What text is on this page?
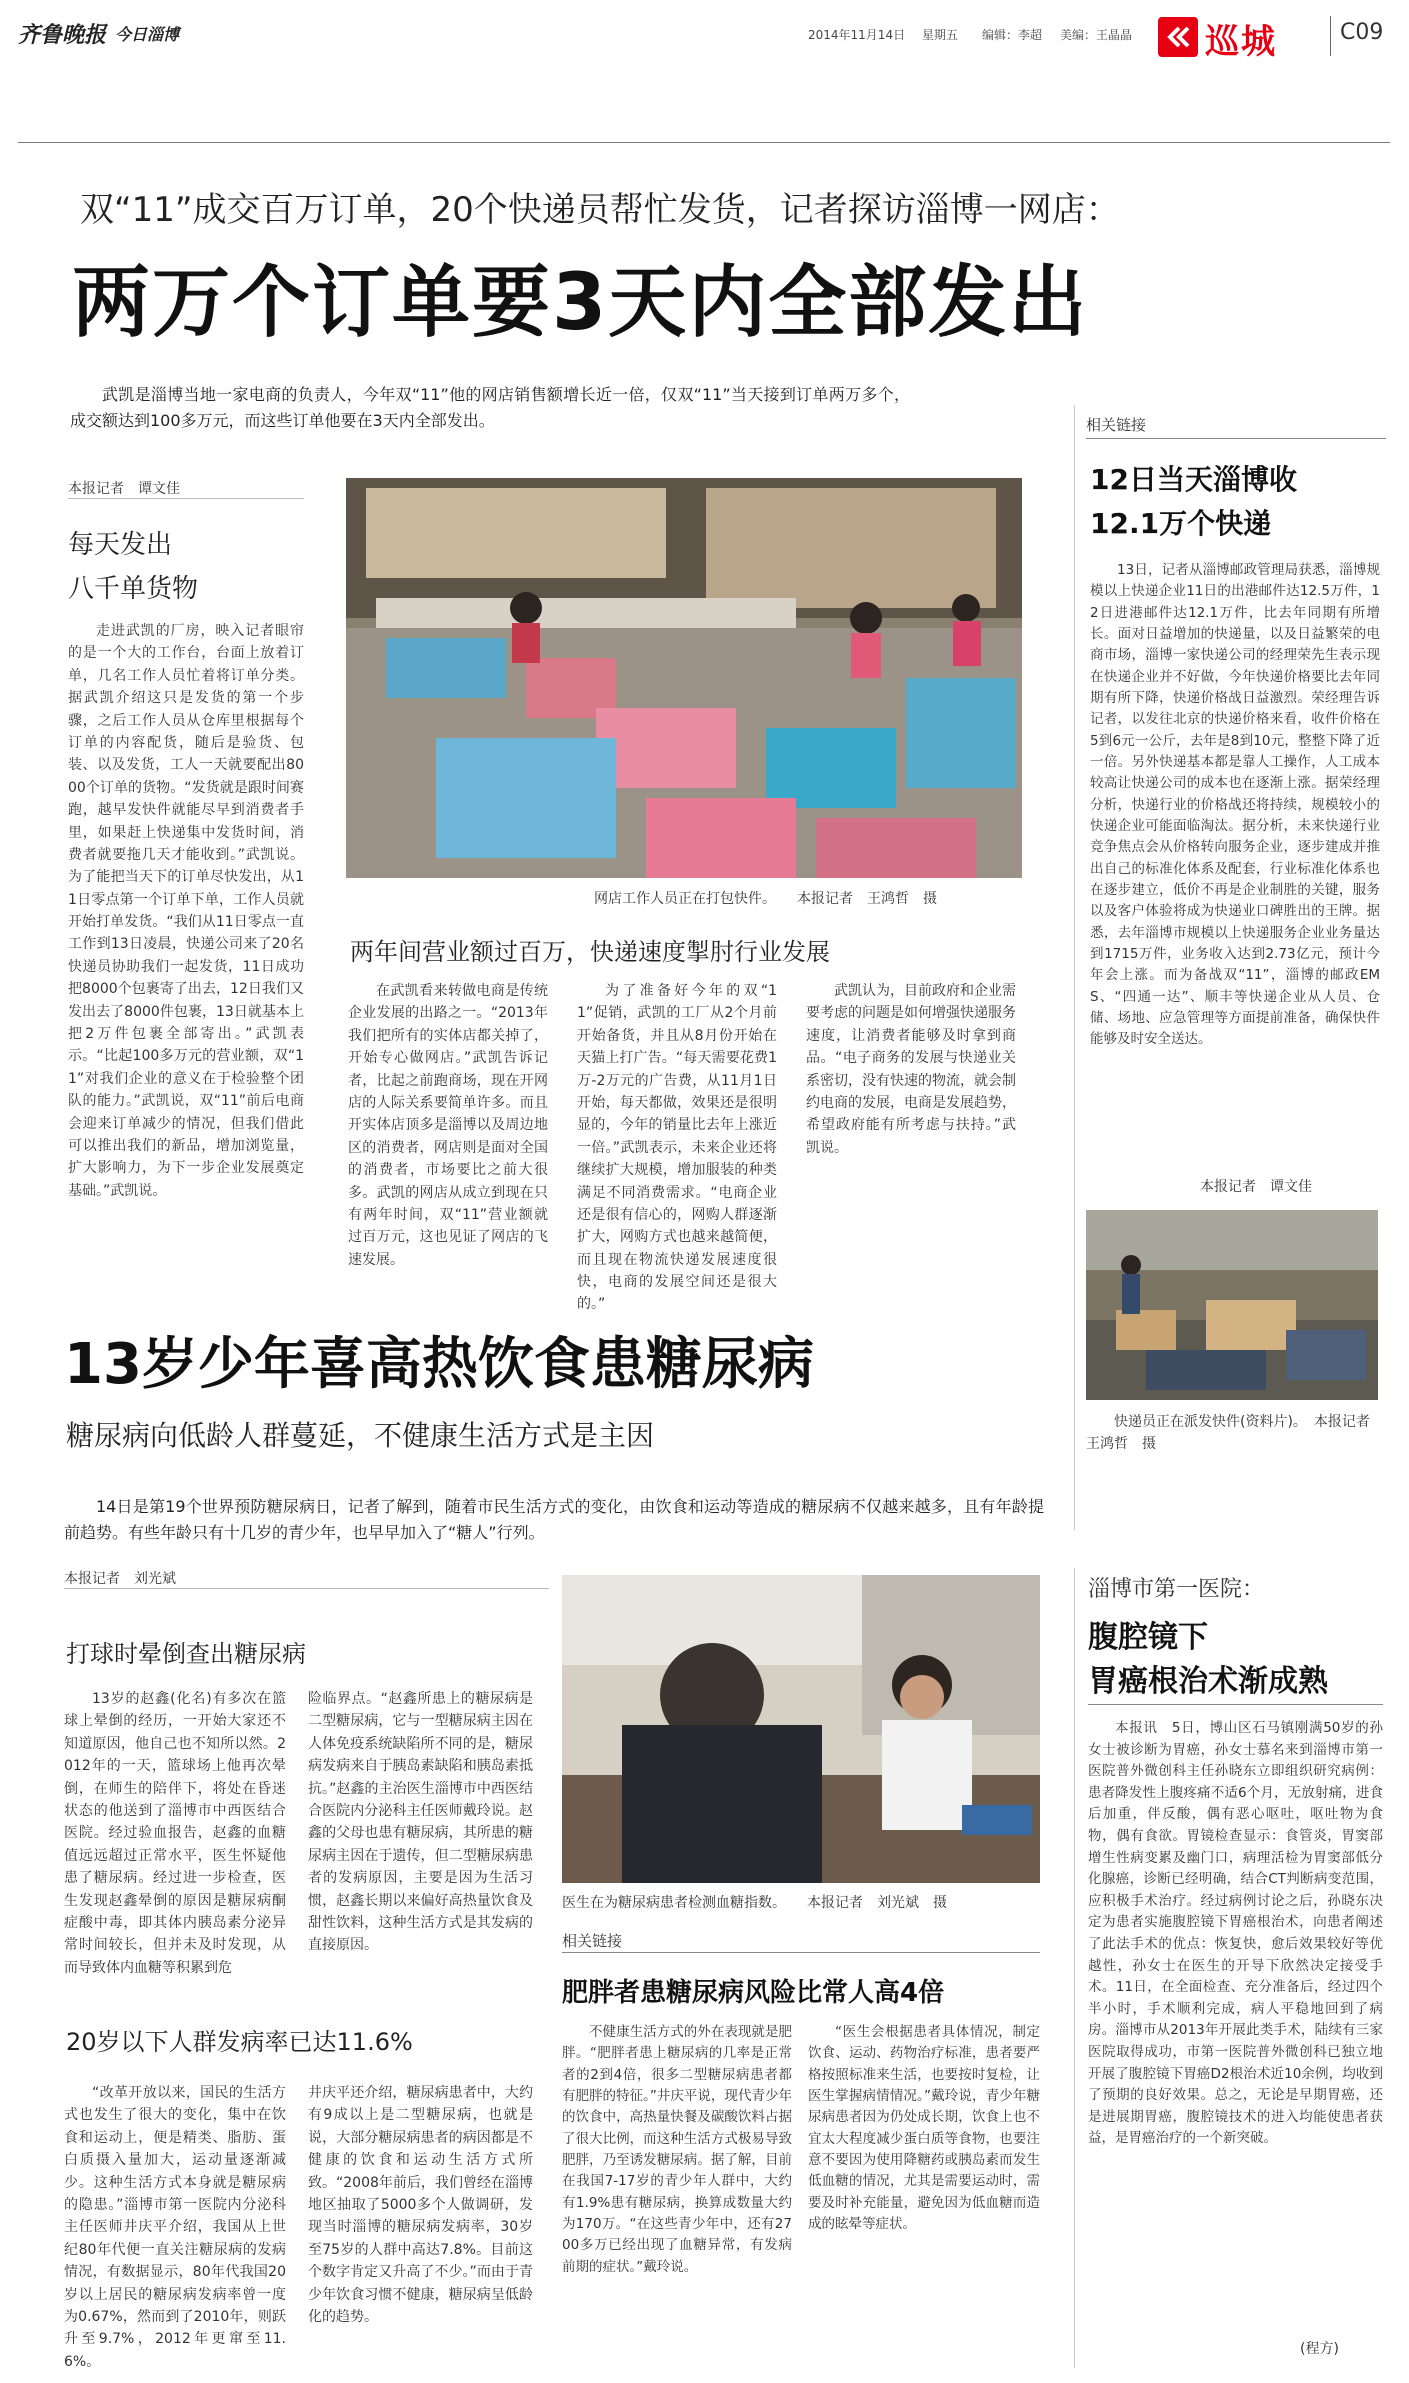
齐鲁晚报 今日淄博	2014年11月14日 星期五 编辑：李超 美编：王晶晶 巡城	C09
双“11”成交百万订单，20个快递员帮忙发货，记者探访淄博一网店：
两万个订单要3天内全部发出
武凯是淄博当地一家电商的负责人，今年双“11”他的网店销售额增长近一倍，仅双“11”当天接到订单两万多个，成交额达到100多万元，而这些订单他要在3天内全部发出。
本报记者　谭文佳
每天发出
八千单货物
走进武凯的厂房，映入记者眼帘的是一个大的工作台，台面上放着订单，几名工作人员忙着将订单分类。据武凯介绍这只是发货的第一个步骤，之后工作人员从仓库里根据每个订单的内容配货，随后是验货、包装、以及发货，工人一天就要配出8000个订单的货物。“发货就是跟时间赛跑，越早发快件就能尽早到消费者手里，如果赶上快递集中发货时间，消费者就要拖几天才能收到。”武凯说。为了能把当天下的订单尽快发出，从11日零点第一个订单下单，工作人员就开始打单发货。“我们从11日零点一直工作到13日凌晨，快递公司来了20名快递员协助我们一起发货，11日成功把8000个包裹寄了出去，12日我们又发出去了8000件包裹，13日就基本上把2万件包裹全部寄出。”武凯表示。“比起100多万元的营业额，双“11”对我们企业的意义在于检验整个团队的能力。”武凯说，双“11”前后电商会迎来订单减少的情况，但我们借此可以推出我们的新品，增加浏览量，扩大影响力，为下一步企业发展奠定基础。”武凯说。
网店工作人员正在打包快件。　　本报记者　王鸿哲　摄
两年间营业额过百万，快递速度掣肘行业发展
在武凯看来转做电商是传统企业发展的出路之一。“2013年我们把所有的实体店都关掉了，开始专心做网店。”武凯告诉记者，比起之前跑商场，现在开网店的人际关系要简单许多。而且开实体店顶多是淄博以及周边地区的消费者，网店则是面对全国的消费者，市场要比之前大很多。武凯的网店从成立到现在只有两年时间，双“11”营业额就过百万元，这也见证了网店的飞速发展。
为了准备好今年的双“11”促销，武凯的工厂从2个月前开始备货，并且从8月份开始在天猫上打广告。“每天需要花费1万-2万元的广告费，从11月1日开始，每天都做，效果还是很明显的，今年的销量比去年上涨近一倍。”武凯表示，未来企业还将继续扩大规模，增加服装的种类满足不同消费需求。“电商企业还是很有信心的，网购人群逐渐扩大，网购方式也越来越简便，而且现在物流快递发展速度很快，电商的发展空间还是很大的。”
武凯认为，目前政府和企业需要考虑的问题是如何增强快递服务速度，让消费者能够及时拿到商品。“电子商务的发展与快递业关系密切，没有快速的物流，就会制约电商的发展，电商是发展趋势，希望政府能有所考虑与扶持。”武凯说。
相关链接
12日当天淄博收
12.1万个快递
13日，记者从淄博邮政管理局获悉，淄博规模以上快递企业11日的出港邮件达12.5万件，12日进港邮件达12.1万件，比去年同期有所增长。面对日益增加的快递量，以及日益繁荣的电商市场，淄博一家快递公司的经理荣先生表示现在快递企业并不好做，今年快递价格要比去年同期有所下降，快递价格战日益激烈。荣经理告诉记者，以发往北京的快递价格来看，收件价格在5到6元一公斤，去年是8到10元，整整下降了近一倍。另外快递基本都是靠人工操作，人工成本较高让快递公司的成本也在逐渐上涨。据荣经理分析，快递行业的价格战还将持续，规模较小的快递企业可能面临淘汰。据分析，未来快递行业竞争焦点会从价格转向服务企业，逐步建成并推出自己的标准化体系及配套，行业标准化体系也在逐步建立，低价不再是企业制胜的关键，服务以及客户体验将成为快递业口碑胜出的王牌。据悉，去年淄博市规模以上快递服务企业业务量达到1715万件，业务收入达到2.73亿元，预计今年会上涨。而为备战双“11”，淄博的邮政EMS、“四通一达”、顺丰等快递企业从人员、仓储、场地、应急管理等方面提前准备，确保快件能够及时安全送达。
本报记者　谭文佳
快递员正在派发快件(资料片)。　本报记者　王鸿哲　摄
13岁少年喜高热饮食患糖尿病
糖尿病向低龄人群蔓延，不健康生活方式是主因
14日是第19个世界预防糖尿病日，记者了解到，随着市民生活方式的变化，由饮食和运动等造成的糖尿病不仅越来越多，且有年龄提前趋势。有些年龄只有十几岁的青少年，也早早加入了“糖人”行列。
本报记者　刘光斌
打球时晕倒查出糖尿病
13岁的赵鑫(化名)有多次在篮球上晕倒的经历，一开始大家还不知道原因，他自己也不知所以然。2012年的一天，篮球场上他再次晕倒，在师生的陪伴下，将处在昏迷状态的他送到了淄博市中西医结合医院。经过验血报告，赵鑫的血糖值远远超过正常水平，医生怀疑他患了糖尿病。经过进一步检查，医生发现赵鑫晕倒的原因是糖尿病酮症酸中毒，即其体内胰岛素分泌异常时间较长，但并未及时发现，从而导致体内血糖等积累到危
险临界点。“赵鑫所患上的糖尿病是二型糖尿病，它与一型糖尿病主因在人体免疫系统缺陷所不同的是，糖尿病发病来自于胰岛素缺陷和胰岛素抵抗。”赵鑫的主治医生淄博市中西医结合医院内分泌科主任医师戴玲说。赵鑫的父母也患有糖尿病，其所患的糖尿病主因在于遗传，但二型糖尿病患者的发病原因，主要是因为生活习惯，赵鑫长期以来偏好高热量饮食及甜性饮料，这种生活方式是其发病的直接原因。
20岁以下人群发病率已达11.6%
“改革开放以来，国民的生活方式也发生了很大的变化，集中在饮食和运动上，便是精类、脂肪、蛋白质摄入量加大，运动量逐渐减少。这种生活方式本身就是糖尿病的隐患。”淄博市第一医院内分泌科主任医师井庆平介绍，我国从上世纪80年代便一直关注糖尿病的发病情况，有数据显示，80年代我国20岁以上居民的糖尿病发病率曾一度为0.67%，然而到了2010年，则跃升至9.7%，2012年更窜至11.6%。
井庆平还介绍，糖尿病患者中，大约有9成以上是二型糖尿病，也就是说，大部分糖尿病患者的病因都是不健康的饮食和运动生活方式所致。“2008年前后，我们曾经在淄博地区抽取了5000多个人做调研，发现当时淄博的糖尿病发病率，30岁至75岁的人群中高达7.8%。目前这个数字肯定又升高了不少。”而由于青少年饮食习惯不健康，糖尿病呈低龄化的趋势。
医生在为糖尿病患者检测血糖指数。　　本报记者　刘光斌　摄
相关链接
肥胖者患糖尿病风险比常人高4倍
不健康生活方式的外在表现就是肥胖。“肥胖者患上糖尿病的几率是正常者的2到4倍，很多二型糖尿病患者都有肥胖的特征。”井庆平说，现代青少年的饮食中，高热量快餐及碳酸饮料占据了很大比例，而这种生活方式极易导致肥胖，乃至诱发糖尿病。据了解，目前在我国7-17岁的青少年人群中，大约有1.9%患有糖尿病，换算成数量大约为170万。“在这些青少年中，还有2700多万已经出现了血糖异常，有发病前期的症状。”戴玲说。
“医生会根据患者具体情况，制定饮食、运动、药物治疗标准，患者要严格按照标准来生活，也要按时复检，让医生掌握病情情况。”戴玲说，青少年糖尿病患者因为仍处成长期，饮食上也不宜太大程度减少蛋白质等食物，也要注意不要因为使用降糖药或胰岛素而发生低血糖的情况，尤其是需要运动时，需要及时补充能量，避免因为低血糖而造成的眩晕等症状。
淄博市第一医院：
腹腔镜下
胃癌根治术渐成熟
本报讯　5日，博山区石马镇刚满50岁的孙女士被诊断为胃癌，孙女士慕名来到淄博市第一医院普外微创科主任孙晓东立即组织研究病例：患者降发性上腹疼痛不适6个月，无放射痛，进食后加重，伴反酸，偶有恶心呕吐，呕吐物为食物，偶有食欲。胃镜检查显示：食管炎，胃窦部增生性病变累及幽门口，病理活检为胃窦部低分化腺癌，诊断已经明确，结合CT判断病变范围，应积极手术治疗。经过病例讨论之后，孙晓东决定为患者实施腹腔镜下胃癌根治术，向患者阐述了此法手术的优点：恢复快，愈后效果较好等优越性，孙女士在医生的开导下欣然决定接受手术。11日，在全面检查、充分准备后，经过四个半小时，手术顺利完成，病人平稳地回到了病房。淄博市从2013年开展此类手术，陆续有三家医院取得成功，市第一医院普外微创科已独立地开展了腹腔镜下胃癌D2根治术近10余例，均收到了预期的良好效果。总之，无论是早期胃癌，还是进展期胃癌，腹腔镜技术的进入均能使患者获益，是胃癌治疗的一个新突破。
(程方)
